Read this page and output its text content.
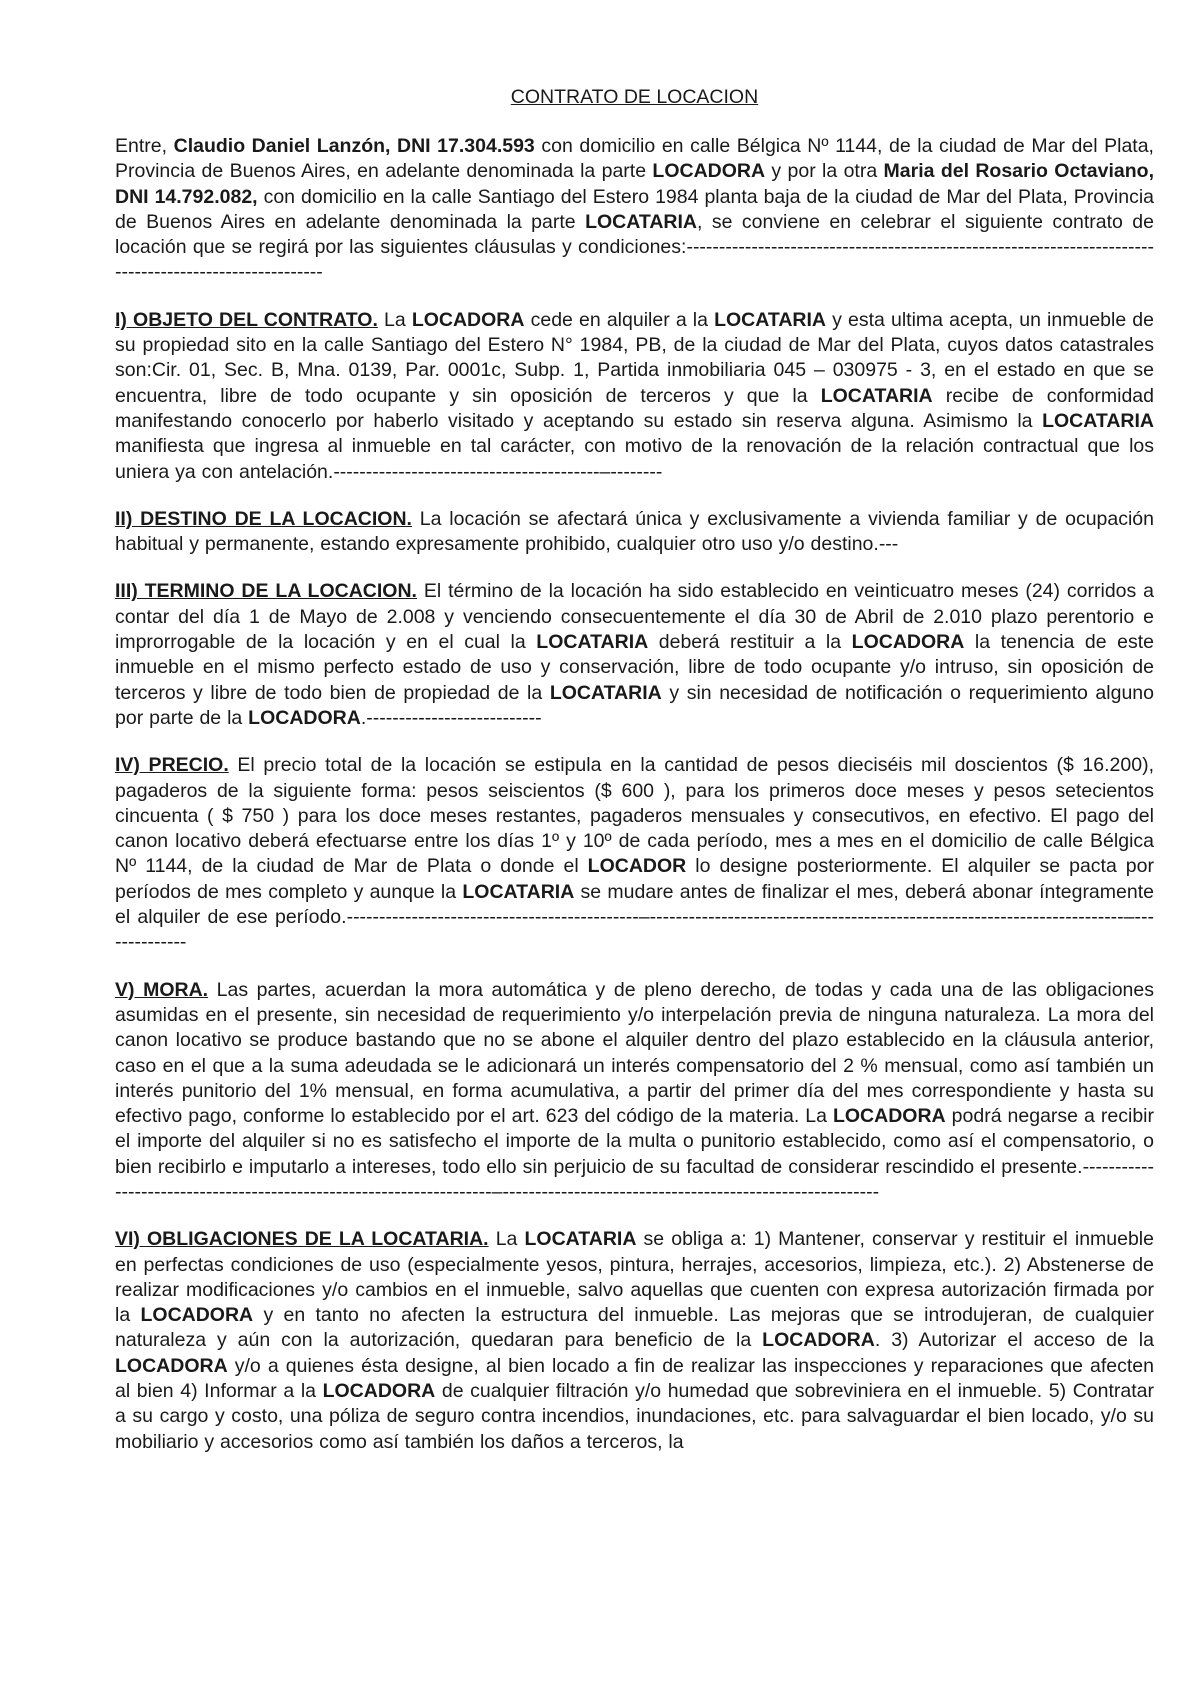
CONTRATO DE LOCACION

Entre, Claudio Daniel Lanzón, DNI 17.304.593 con domicilio en calle Bélgica Nº 1144, de la ciudad de Mar del Plata, Provincia de Buenos Aires, en adelante denominada la parte LOCADORA y por la otra Maria del Rosario Octaviano, DNI 14.792.082, con domicilio en la calle Santiago del Estero 1984 planta baja de la ciudad de Mar del Plata, Provincia de Buenos Aires en adelante denominada la parte LOCATARIA, se conviene en celebrar el siguiente contrato de locación que se regirá por las siguientes cláusulas y condiciones:--------------------------------------------------------------------------------------------------------

I) OBJETO DEL CONTRATO. La LOCADORA cede en alquiler a la LOCATARIA y esta ultima acepta, un inmueble de su propiedad sito en la calle Santiago del Estero N° 1984, PB, de la ciudad de Mar del Plata, cuyos datos catastrales son:Cir. 01, Sec. B, Mna. 0139, Par. 0001c, Subp. 1, Partida inmobiliaria 045 – 030975 - 3, en el estado en que se encuentra, libre de todo ocupante y sin oposición de terceros y que la LOCATARIA recibe de conformidad manifestando conocerlo por haberlo visitado y aceptando su estado sin reserva alguna. Asimismo la LOCATARIA manifiesta que ingresa al inmueble en tal carácter, con motivo de la renovación de la relación contractual que los uniera ya con antelación.-----------------------------------------–--------

II) DESTINO DE LA LOCACION. La locación se afectará única y exclusivamente a vivienda familiar y de ocupación habitual y permanente, estando expresamente prohibido, cualquier otro uso y/o destino.---

III) TERMINO DE LA LOCACION. El término de la locación ha sido establecido en veinticuatro meses (24) corridos a contar del día 1 de Mayo de 2.008 y venciendo consecuentemente el día 30 de Abril de 2.010 plazo perentorio e improrrogable de la locación y en el cual la LOCATARIA deberá restituir a la LOCADORA la tenencia de este inmueble en el mismo perfecto estado de uso y conservación, libre de todo ocupante y/o intruso, sin oposición de terceros y libre de todo bien de propiedad de la LOCATARIA y sin necesidad de notificación o requerimiento alguno por parte de la LOCADORA.---------------------------

IV) PRECIO. El precio total de la locación se estipula en la cantidad de pesos dieciséis mil doscientos ($ 16.200), pagaderos de la siguiente forma: pesos seiscientos ($ 600 ), para los primeros doce meses y pesos setecientos cincuenta ( $ 750 ) para los doce meses restantes, pagaderos mensuales y consecutivos, en efectivo. El pago del canon locativo deberá efectuarse entre los días 1º y 10º de cada período, mes a mes en el domicilio de calle Bélgica Nº 1144, de la ciudad de Mar de Plata o donde el LOCADOR lo designe posteriormente. El alquiler se pacta por períodos de mes completo y aunque la LOCATARIA se mudare antes de finalizar el mes, deberá abonar íntegramente el alquiler de ese período.---------------------------------------------–-------------------------------------------------------------------------–--------------

V) MORA. Las partes, acuerdan la mora automática y de pleno derecho, de todas y cada una de las obligaciones asumidas en el presente, sin necesidad de requerimiento y/o interpelación previa de ninguna naturaleza. La mora del canon locativo se produce bastando que no se abone el alquiler dentro del plazo establecido en la cláusula anterior, caso en el que a la suma adeudada se le adicionará un interés compensatorio del 2 % mensual, como así también un interés punitorio del 1% mensual, en forma acumulativa, a partir del primer día del mes correspondiente y hasta su efectivo pago, conforme lo establecido por el art. 623 del código de la materia. La LOCADORA podrá negarse a recibir el importe del alquiler si no es satisfecho el importe de la multa o punitorio establecido, como así el compensatorio, o bien recibirlo e imputarlo a intereses, todo ello sin perjuicio de su facultad de considerar rescindido el presente.---------------------------------------------------------------------–----------------------------------------------------------

VI) OBLIGACIONES DE LA LOCATARIA. La LOCATARIA se obliga a: 1) Mantener, conservar y restituir el inmueble en perfectas condiciones de uso (especialmente yesos, pintura, herrajes, accesorios, limpieza, etc.). 2) Abstenerse de realizar modificaciones y/o cambios en el inmueble, salvo aquellas que cuenten con expresa autorización firmada por la LOCADORA y en tanto no afecten la estructura del inmueble. Las mejoras que se introdujeran, de cualquier naturaleza y aún con la autorización, quedaran para beneficio de la LOCADORA. 3) Autorizar el acceso de la LOCADORA y/o a quienes ésta designe, al bien locado a fin de realizar las inspecciones y reparaciones que afecten al bien 4) Informar a la LOCADORA de cualquier filtración y/o humedad que sobreviniera en el inmueble. 5) Contratar a su cargo y costo, una póliza de seguro contra incendios, inundaciones, etc. para salvaguardar el bien locado, y/o su mobiliario y accesorios como así también los daños a terceros, la
